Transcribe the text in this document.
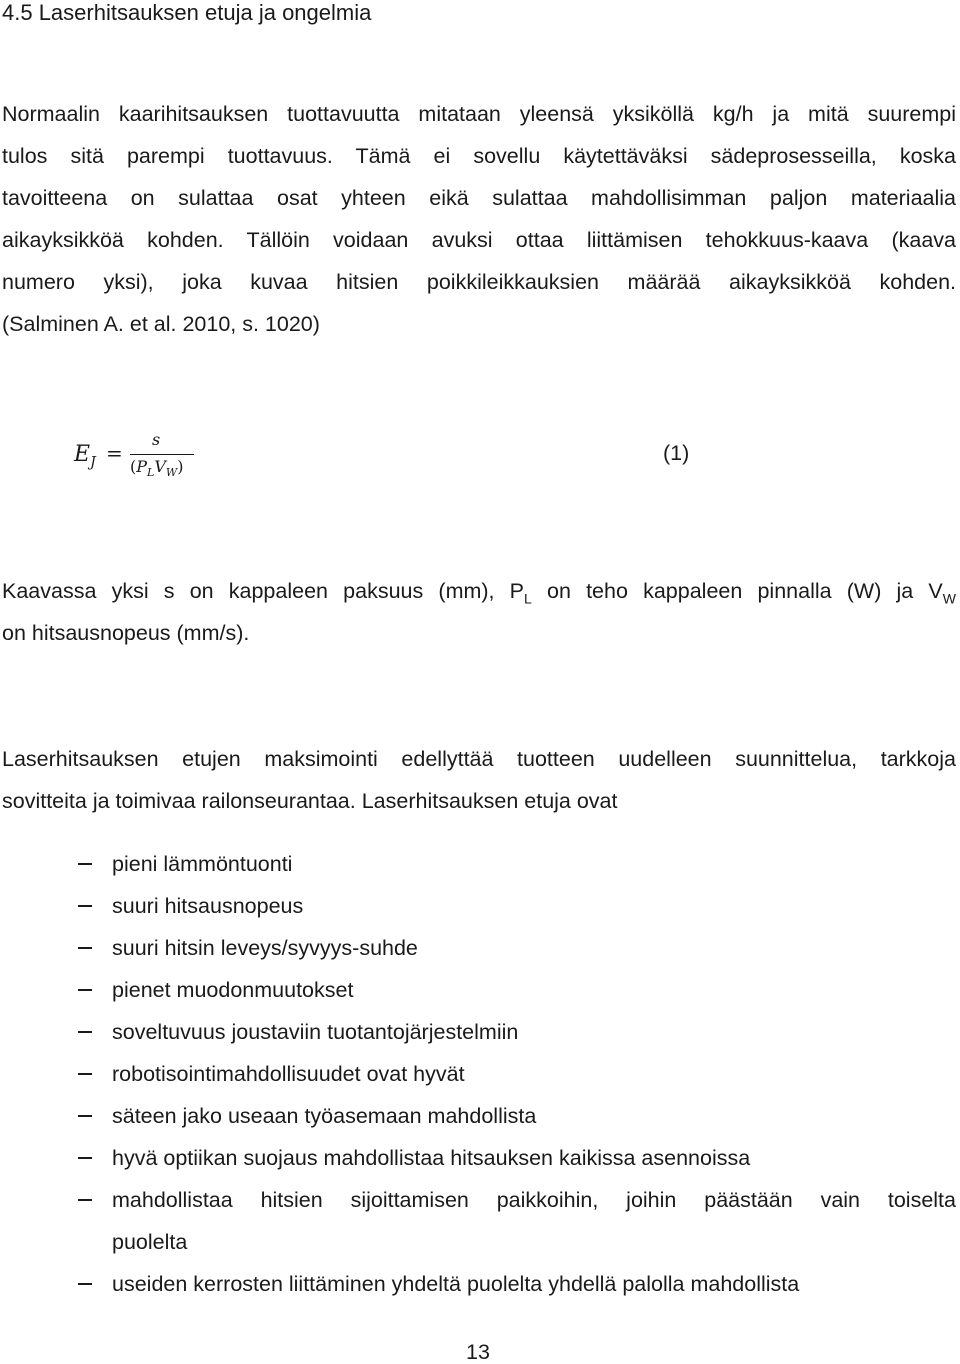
4.5 Laserhitsauksen etuja ja ongelmia
Normaalin kaarihitsauksen tuottavuutta mitataan yleensä yksiköllä kg/h ja mitä suurempi
tulos sitä parempi tuottavuus. Tämä ei sovellu käytettäväksi sädeprosesseilla, koska
tavoitteena on sulattaa osat yhteen eikä sulattaa mahdollisimman paljon materiaalia
aikayksikköä kohden. Tällöin voidaan avuksi ottaa liittämisen tehokkuus-kaava (kaava
numero yksi), joka kuvaa hitsien poikkileikkauksien määrää aikayksikköä kohden.
(Salminen A. et al. 2010, s. 1020)
$E_J$ =
s
$(P_LV_W)$
(1)
Kaavassa yksi s on kappaleen paksuus (mm), $P_L$ on teho kappaleen pinnalla (W) ja $V_W$
on hitsausnopeus (mm/s).
Laserhitsauksen etujen maksimointi edellyttää tuotteen uudelleen suunnittelua, tarkkoja
sovitteita ja toimivaa railonseurantaa. Laserhitsauksen etuja ovat
pieni lämmöntuonti
suuri hitsausnopeus
suuri hitsin leveys/syvyys-suhde
pienet muodonmuutokset
soveltuvuus joustaviin tuotantojärjestelmiin
robotisointimahdollisuudet ovat hyvät
säteen jako useaan työasemaan mahdollista
hyvä optiikan suojaus mahdollistaa hitsauksen kaikissa asennoissa
mahdollistaa hitsien sijoittamisen paikkoihin, joihin päästään vain toiselta
puolelta
useiden kerrosten liittäminen yhdeltä puolelta yhdellä palolla mahdollista
13
